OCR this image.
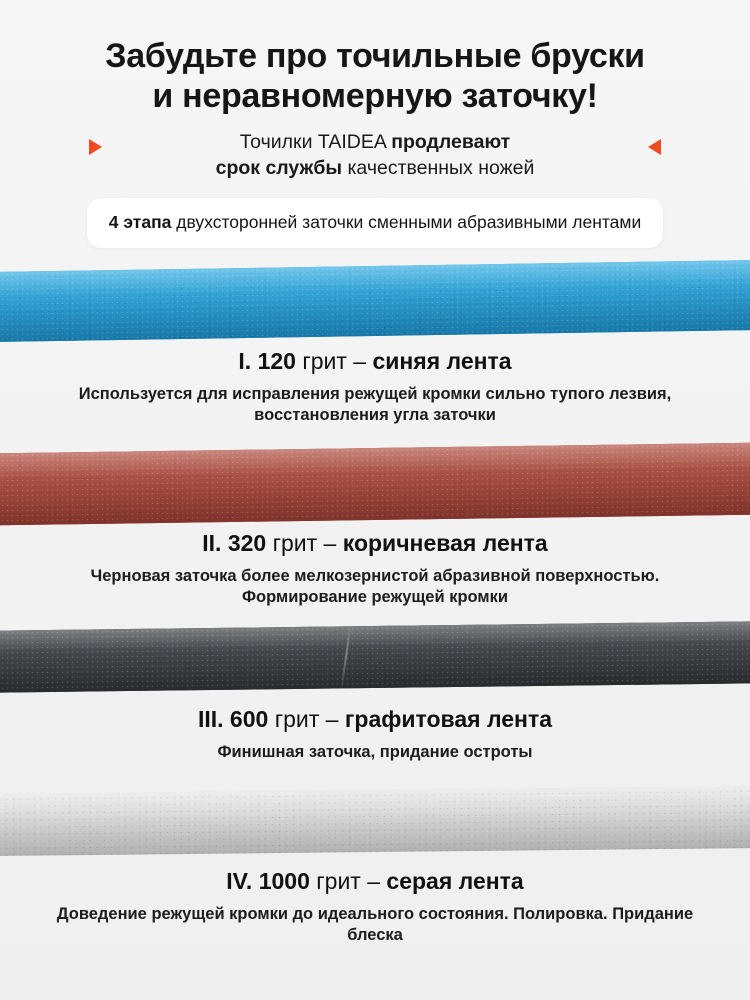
Забудьте про точильные бруски
и неравномерную заточку!

Точилки TAIDEA продлевают
срок службы качественных ножей

4 этапа двухсторонней заточки сменными абразивными лентами

I. 120 грит – синяя лента

Используется для исправления режущей кромки сильно тупого лезвия, восстановления угла заточки

II. 320 грит – коричневая лента

Черновая заточка более мелкозернистой абразивной поверхностью. Формирование режущей кромки

III. 600 грит – графитовая лента

Финишная заточка, придание остроты

IV. 1000 грит – серая лента

Доведение режущей кромки до идеального состояния. Полировка. Придание блеска
